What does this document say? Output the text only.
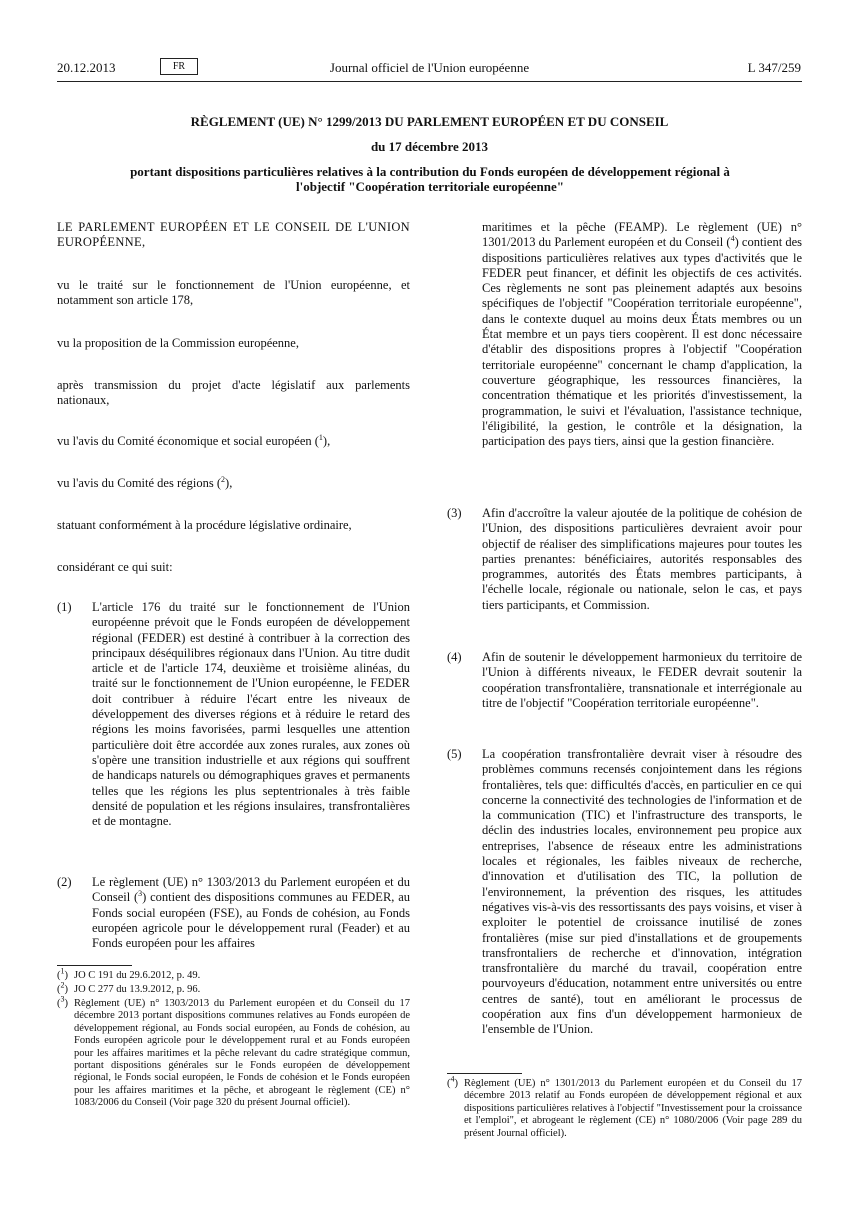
20.12.2013	FR	Journal officiel de l'Union européenne	L 347/259
RÈGLEMENT (UE) N° 1299/2013 DU PARLEMENT EUROPÉEN ET DU CONSEIL
du 17 décembre 2013
portant dispositions particulières relatives à la contribution du Fonds européen de développement régional à l'objectif "Coopération territoriale européenne"
LE PARLEMENT EUROPÉEN ET LE CONSEIL DE L'UNION EUROPÉENNE,
vu le traité sur le fonctionnement de l'Union européenne, et notamment son article 178,
vu la proposition de la Commission européenne,
après transmission du projet d'acte législatif aux parlements nationaux,
vu l'avis du Comité économique et social européen ($^1$),
vu l'avis du Comité des régions ($^2$),
statuant conformément à la procédure législative ordinaire,
considérant ce qui suit:
(1)	L'article 176 du traité sur le fonctionnement de l'Union européenne prévoit que le Fonds européen de développement régional (FEDER) est destiné à contribuer à la correction des principaux déséquilibres régionaux dans l'Union. Au titre dudit article et de l'article 174, deuxième et troisième alinéas, du traité sur le fonctionnement de l'Union européenne, le FEDER doit contribuer à réduire l'écart entre les niveaux de développement des diverses régions et à réduire le retard des régions les moins favorisées, parmi lesquelles une attention particulière doit être accordée aux zones rurales, aux zones où s'opère une transition industrielle et aux régions qui souffrent de handicaps naturels ou démographiques graves et permanents telles que les régions les plus septentrionales à très faible densité de population et les régions insulaires, transfrontalières et de montagne.
(2)	Le règlement (UE) n° 1303/2013 du Parlement européen et du Conseil ($^3$) contient des dispositions communes au FEDER, au Fonds social européen (FSE), au Fonds de cohésion, au Fonds européen agricole pour le développement rural (Feader) et au Fonds européen pour les affaires
($^1$) JO C 191 du 29.6.2012, p. 49.
($^2$) JO C 277 du 13.9.2012, p. 96.
($^3$) Règlement (UE) n° 1303/2013 du Parlement européen et du Conseil du 17 décembre 2013 portant dispositions communes relatives au Fonds européen de développement régional, au Fonds social européen, au Fonds de cohésion, au Fonds européen agricole pour le développement rural et au Fonds européen pour les affaires maritimes et la pêche relevant du cadre stratégique commun, portant dispositions générales sur le Fonds européen de développement régional, le Fonds social européen, le Fonds de cohésion et le Fonds européen pour les affaires maritimes et la pêche, et abrogeant le règlement (CE) n° 1083/2006 du Conseil (Voir page 320 du présent Journal officiel).
maritimes et la pêche (FEAMP). Le règlement (UE) n° 1301/2013 du Parlement européen et du Conseil ($^4$) contient des dispositions particulières relatives aux types d'activités que le FEDER peut financer, et définit les objectifs de ces activités. Ces règlements ne sont pas pleinement adaptés aux besoins spécifiques de l'objectif "Coopération territoriale européenne", dans le contexte duquel au moins deux États membres ou un État membre et un pays tiers coopèrent. Il est donc nécessaire d'établir des dispositions propres à l'objectif "Coopération territoriale européenne" concernant le champ d'application, la couverture géographique, les ressources financières, la concentration thématique et les priorités d'investissement, la programmation, le suivi et l'évaluation, l'assistance technique, l'éligibilité, la gestion, le contrôle et la désignation, la participation des pays tiers, ainsi que la gestion financière.
(3)	Afin d'accroître la valeur ajoutée de la politique de cohésion de l'Union, des dispositions particulières devraient avoir pour objectif de réaliser des simplifications majeures pour toutes les parties prenantes: bénéficiaires, autorités responsables des programmes, autorités des États membres participants, à l'échelle locale, régionale ou nationale, selon le cas, et pays tiers participants, et Commission.
(4)	Afin de soutenir le développement harmonieux du territoire de l'Union à différents niveaux, le FEDER devrait soutenir la coopération transfrontalière, transnationale et interrégionale au titre de l'objectif "Coopération territoriale européenne".
(5)	La coopération transfrontalière devrait viser à résoudre des problèmes communs recensés conjointement dans les régions frontalières, tels que: difficultés d'accès, en particulier en ce qui concerne la connectivité des technologies de l'information et de la communication (TIC) et l'infrastructure des transports, le déclin des industries locales, environnement peu propice aux entreprises, l'absence de réseaux entre les administrations locales et régionales, les faibles niveaux de recherche, d'innovation et d'utilisation des TIC, la pollution de l'environnement, la prévention des risques, les attitudes négatives vis-à-vis des ressortissants des pays voisins, et viser à exploiter le potentiel de croissance inutilisé de zones frontalières (mise sur pied d'installations et de groupements transfrontaliers de recherche et d'innovation, intégration transfrontalière du marché du travail, coopération entre pourvoyeurs d'éducation, notamment entre universités ou entre centres de santé), tout en améliorant le processus de coopération aux fins d'un développement harmonieux de l'ensemble de l'Union.
($^4$) Règlement (UE) n° 1301/2013 du Parlement européen et du Conseil du 17 décembre 2013 relatif au Fonds européen de développement régional et aux dispositions particulières relatives à l'objectif "Investissement pour la croissance et l'emploi", et abrogeant le règlement (CE) n° 1080/2006 (Voir page 289 du présent Journal officiel).
